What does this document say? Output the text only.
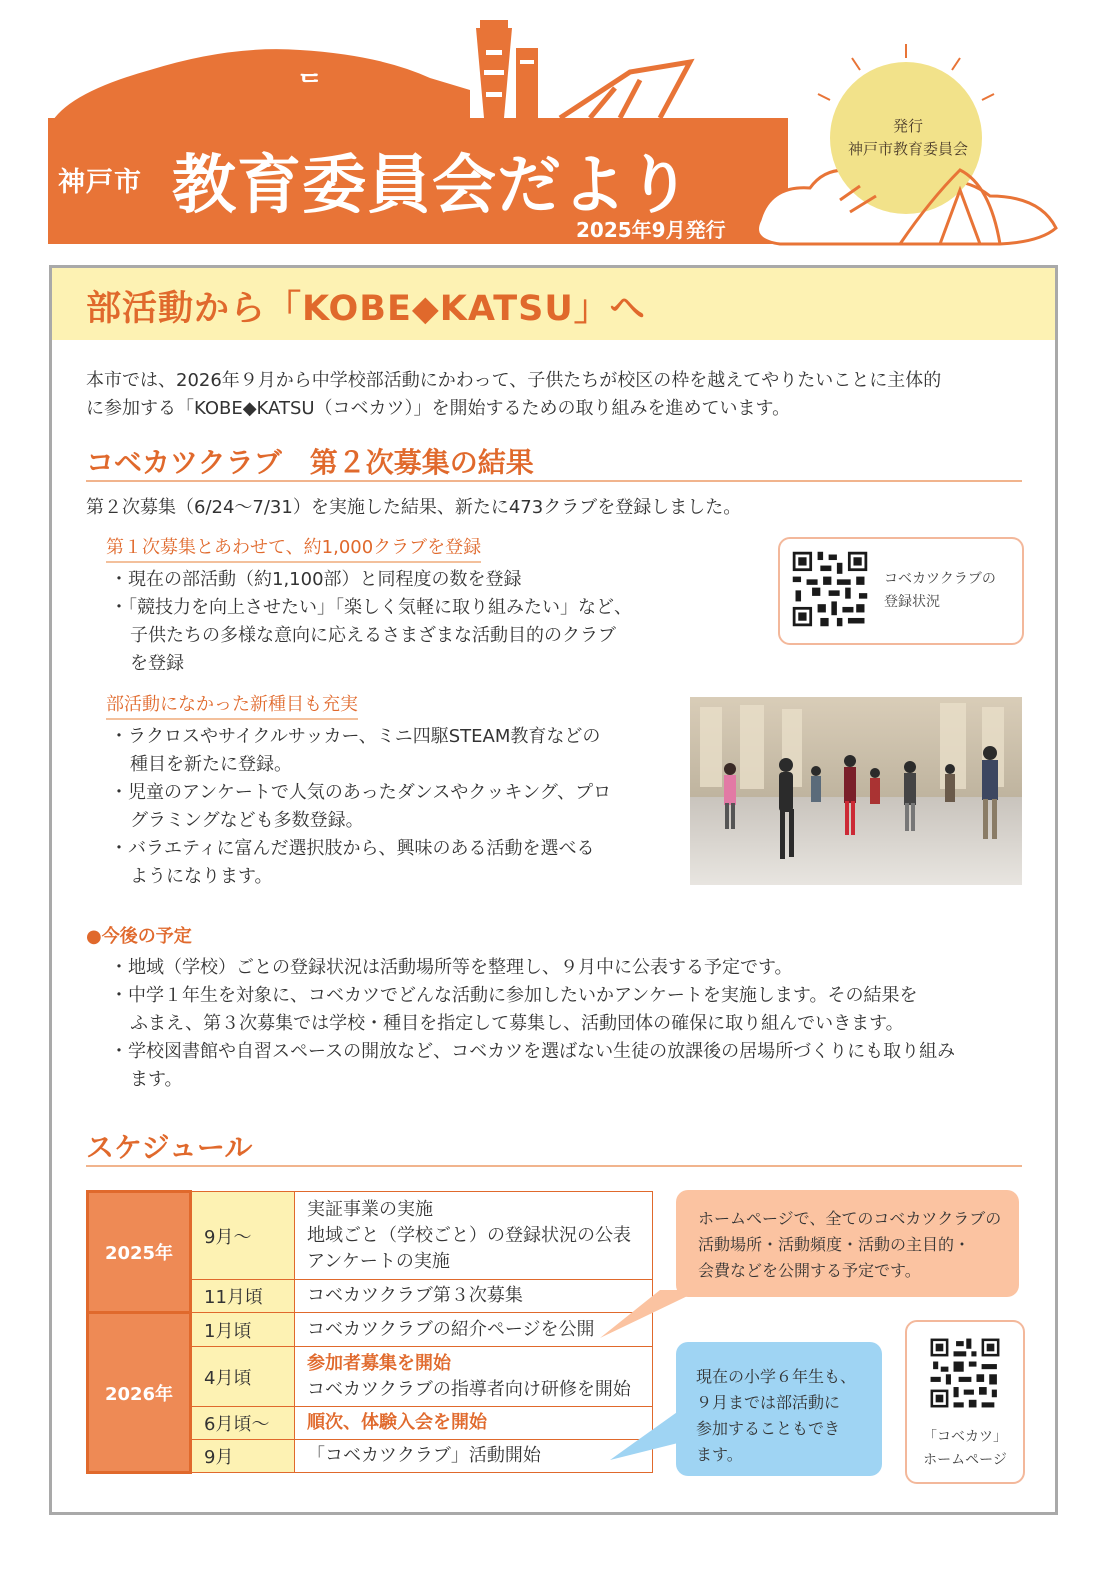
ᄃ
神戸市 教育委員会だより
2025年9月発行
発行
神戸市教育委員会
部活動から「KOBE◆KATSU」へ
本市では、2026年９月から中学校部活動にかわって、子供たちが校区の枠を越えてやりたいことに主体的
に参加する「KOBE◆KATSU（コベカツ）」を開始するための取り組みを進めています。
コベカツクラブ　第２次募集の結果
第２次募集（6/24〜7/31）を実施した結果、新たに473クラブを登録しました。
第１次募集とあわせて、約1,000クラブを登録
・現在の部活動（約1,100部）と同程度の数を登録
・「競技力を向上させたい」「楽しく気軽に取り組みたい」など、
子供たちの多様な意向に応えるさまざまな活動目的のクラブ
を登録
コベカツクラブの
登録状況
部活動になかった新種目も充実
・ラクロスやサイクルサッカー、ミニ四駆STEAM教育などの
種目を新たに登録。
・児童のアンケートで人気のあったダンスやクッキング、プロ
グラミングなども多数登録。
・バラエティに富んだ選択肢から、興味のある活動を選べる
ようになります。
●今後の予定
・地域（学校）ごとの登録状況は活動場所等を整理し、９月中に公表する予定です。
・中学１年生を対象に、コベカツでどんな活動に参加したいかアンケートを実施します。その結果を
ふまえ、第３次募集では学校・種目を指定して募集し、活動団体の確保に取り組んでいきます。
・学校図書館や自習スペースの開放など、コベカツを選ばない生徒の放課後の居場所づくりにも取り組み
ます。
スケジュール
2025年	9月〜	実証事業の実施
地域ごと（学校ごと）の登録状況の公表
アンケートの実施

	11月頃	コベカツクラブ第３次募集
2026年	1月頃	コベカツクラブの紹介ページを公開
	4月頃	参加者募集を開始
コベカツクラブの指導者向け研修を開始

	6月頃〜	順次、体験入会を開始
	9月	「コベカツクラブ」活動開始
ホームページで、全てのコベカツクラブの
活動場所・活動頻度・活動の主目的・
会費などを公開する予定です。
現在の小学６年生も、
９月までは部活動に
参加することもでき
ます。
「コベカツ」
ホームページ
